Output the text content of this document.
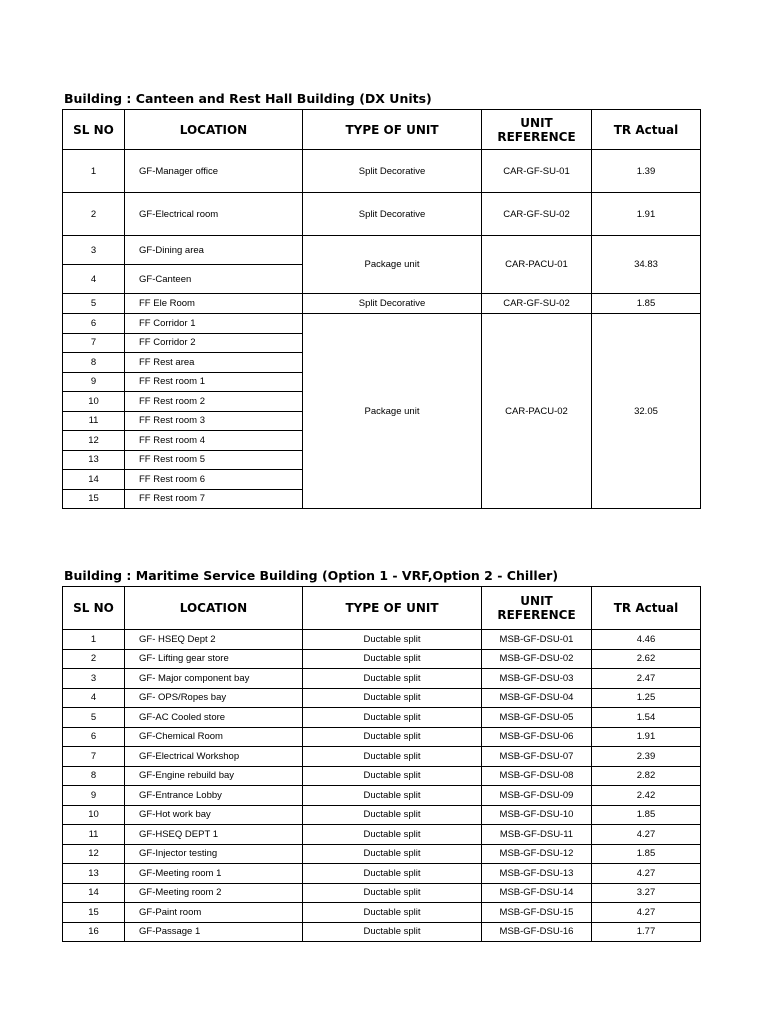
Building : Canteen and Rest Hall Building (DX Units)
SL NO	LOCATION	TYPE OF UNIT	UNIT REFERENCE	TR Actual
1	GF-Manager office	Split Decorative	CAR-GF-SU-01	1.39
2	GF-Electrical room	Split Decorative	CAR-GF-SU-02	1.91
3	GF-Dining area	Package unit	CAR-PACU-01	34.83
4	GF-Canteen			
5	FF Ele Room	Split Decorative	CAR-GF-SU-02	1.85
6	FF Corridor 1	Package unit	CAR-PACU-02	32.05
7	FF Corridor 2			
8	FF Rest area			
9	FF Rest room 1			
10	FF Rest room 2			
11	FF Rest room 3			
12	FF Rest room 4			
13	FF Rest room 5			
14	FF Rest room 6			
15	FF Rest room 7			
Building : Maritime Service Building (Option 1 - VRF,Option 2 - Chiller)
SL NO	LOCATION	TYPE OF UNIT	UNIT REFERENCE	TR Actual
1	GF- HSEQ Dept 2	Ductable split	MSB-GF-DSU-01	4.46
2	GF- Lifting gear store	Ductable split	MSB-GF-DSU-02	2.62
3	GF- Major component bay	Ductable split	MSB-GF-DSU-03	2.47
4	GF- OPS/Ropes bay	Ductable split	MSB-GF-DSU-04	1.25
5	GF-AC Cooled store	Ductable split	MSB-GF-DSU-05	1.54
6	GF-Chemical Room	Ductable split	MSB-GF-DSU-06	1.91
7	GF-Electrical Workshop	Ductable split	MSB-GF-DSU-07	2.39
8	GF-Engine rebuild bay	Ductable split	MSB-GF-DSU-08	2.82
9	GF-Entrance Lobby	Ductable split	MSB-GF-DSU-09	2.42
10	GF-Hot work bay	Ductable split	MSB-GF-DSU-10	1.85
11	GF-HSEQ DEPT 1	Ductable split	MSB-GF-DSU-11	4.27
12	GF-Injector testing	Ductable split	MSB-GF-DSU-12	1.85
13	GF-Meeting room 1	Ductable split	MSB-GF-DSU-13	4.27
14	GF-Meeting room 2	Ductable split	MSB-GF-DSU-14	3.27
15	GF-Paint room	Ductable split	MSB-GF-DSU-15	4.27
16	GF-Passage 1	Ductable split	MSB-GF-DSU-16	1.77
